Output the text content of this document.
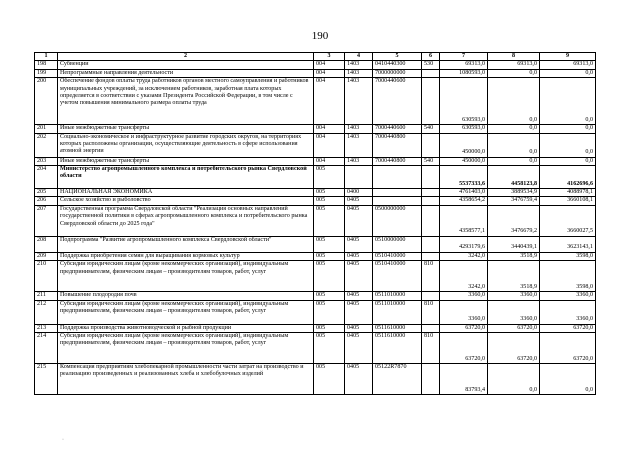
190
1	2	3	4	5	6	7	8	9
198	Субвенции	004	1403	0410440300	530	69313,0	69313,0	69313,0
199	Непрограммные направления деятельности	004	1403	7000000000		1080593,0	0,0	0,0
200	Обеспечение фондов оплаты труда работников органов местного самоуправления и работников муниципальных учреждений, за исключением работников, заработная плата которых определяется в соответствии с указами Президента Российской Федерации, в том числе с учетом повышения минимального размера оплаты труда	004	1403	7000440600		630593,0	0,0	0,0
201	Иные межбюджетные трансферты	004	1403	7000440600	540	630593,0	0,0	0,0
202	Социально-экономическое и инфраструктурное развитие городских округов, на территориях которых расположены организации, осуществляющие деятельность в сфере использования атомной энергии	004	1403	7000440800		450000,0	0,0	0,0
203	Иные межбюджетные трансферты	004	1403	7000440800	540	450000,0	0,0	0,0
204	Министерство агропромышленного комплекса и потребительского рынка Свердловской области	005				5537333,6	4458123,8	4162696,6
205	НАЦИОНАЛЬНАЯ ЭКОНОМИКА	005	0400			4761403,0	3889534,9	4088978,1
206	Сельское хозяйство и рыболовство	005	0405			4358654,2	3476759,4	3660108,1
207	Государственная программа Свердловской области "Реализация основных направлений государственной политики в сферах агропромышленного комплекса и потребительского рынка Свердловской области до 2025 года"	005	0405	0500000000		4358577,1	3476679,2	3660027,5
208	Подпрограмма "Развитие агропромышленного комплекса Свердловской области"	005	0405	0510000000		4293179,6	3440439,1	3623143,1
209	Поддержка приобретения семян для выращивания кормовых культур	005	0405	0510410000		3242,0	3518,9	3598,0
210	Субсидии юридическим лицам (кроме некоммерческих организаций), индивидуальным предпринимателям, физическим лицам – производителям товаров, работ, услуг	005	0405	0510410000	810	3242,0	3518,9	3598,0
211	Повышение плодородия почв	005	0405	0511010000		3360,0	3360,0	3360,0
212	Субсидии юридическим лицам (кроме некоммерческих организаций), индивидуальным предпринимателям, физическим лицам – производителям товаров, работ, услуг	005	0405	0511010000	810	3360,0	3360,0	3360,0
213	Поддержка производства животноводческой и рыбной продукции	005	0405	0511610000		63720,0	63720,0	63720,0
214	Субсидии юридическим лицам (кроме некоммерческих организаций), индивидуальным предпринимателям, физическим лицам – производителям товаров, работ, услуг	005	0405	0511610000	810	63720,0	63720,0	63720,0
215	Компенсация предприятиям хлебопекарной промышленности части затрат на производство и реализацию произведенных и реализованных хлеба и хлебобулочных изделий	005	0405	05122R7870		83793,4	0,0	0,0
·
